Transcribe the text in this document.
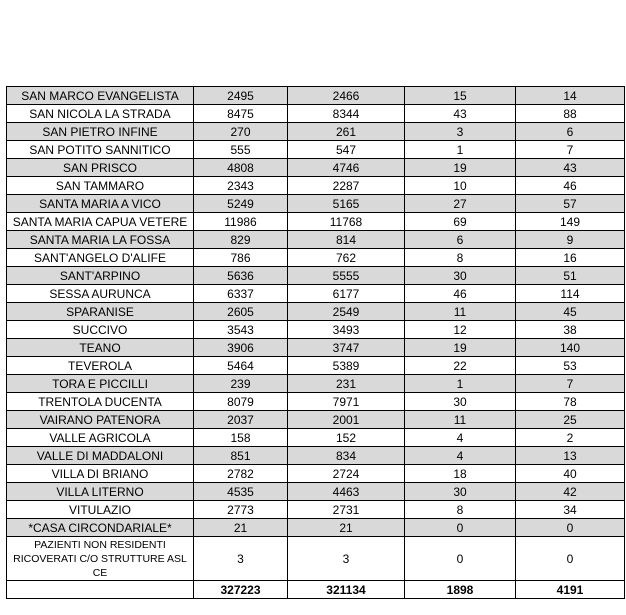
SAN MARCO EVANGELISTA	2495	2466	15	14
SAN NICOLA LA STRADA	8475	8344	43	88
SAN PIETRO INFINE	270	261	3	6
SAN POTITO SANNITICO	555	547	1	7
SAN PRISCO	4808	4746	19	43
SAN TAMMARO	2343	2287	10	46
SANTA MARIA A VICO	5249	5165	27	57
SANTA MARIA CAPUA VETERE	11986	11768	69	149
SANTA MARIA LA FOSSA	829	814	6	9
SANT'ANGELO D'ALIFE	786	762	8	16
SANT'ARPINO	5636	5555	30	51
SESSA AURUNCA	6337	6177	46	114
SPARANISE	2605	2549	11	45
SUCCIVO	3543	3493	12	38
TEANO	3906	3747	19	140
TEVEROLA	5464	5389	22	53
TORA E PICCILLI	239	231	1	7
TRENTOLA DUCENTA	8079	7971	30	78
VAIRANO PATENORA	2037	2001	11	25
VALLE AGRICOLA	158	152	4	2
VALLE DI MADDALONI	851	834	4	13
VILLA DI BRIANO	2782	2724	18	40
VILLA LITERNO	4535	4463	30	42
VITULAZIO	2773	2731	8	34
*CASA CIRCONDARIALE*	21	21	0	0
PAZIENTI NON RESIDENTI RICOVERATI C/O STRUTTURE ASL CE	3	3	0	0
	327223	321134	1898	4191
